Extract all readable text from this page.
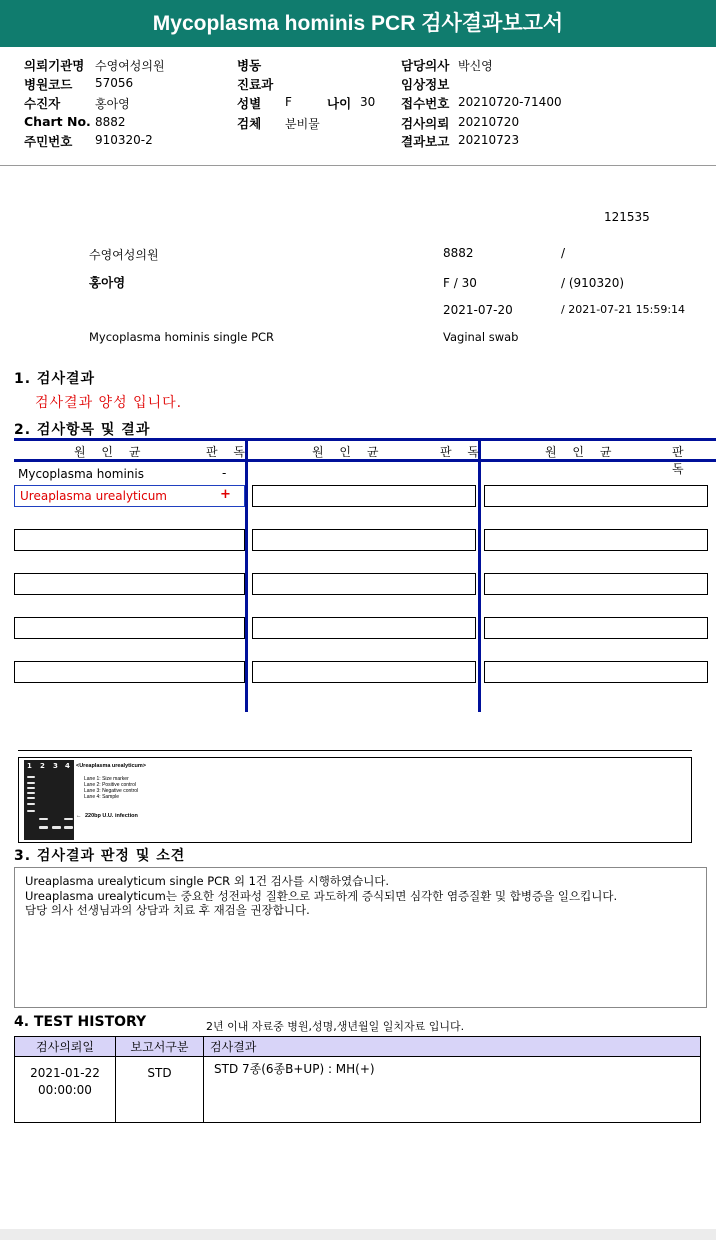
Mycoplasma hominis PCR 검사결과보고서
의뢰기관명 수영여성의원
병원코드 57056
수진자	홍아영
Chart No. 8882
주민번호 910320-2
병동
진료과
성별 F	나이 30
검체 분비물
담당의사 박신영
임상정보
접수번호 20210720-71400
검사의뢰 20210720
결과보고 20210723
121535
수영여성의원	8882	/
홍아영	F / 30	/ (910320)
2021-07-20	/ 2021-07-21 15:59:14
Mycoplasma hominis single PCR	Vaginal swab
1. 검사결과
검사결과 양성 입니다.
2. 검사항목 및 결과
원 인 균	판 독	원 인 균	판 독	원 인 균	판 독
Mycoplasma hominis	-
Ureaplasma urealyticum	+
1 2 3 4 <Ureaplasma urealyticum>
Lane 1: Size marker
Lane 2: Positive control
Lane 3: Negative control
Lane 4: Sample
← 220bp U.U. infection
3. 검사결과 판정 및 소견
Ureaplasma urealyticum single PCR 외 1건 검사를 시행하였습니다.
Ureaplasma urealyticum는 중요한 성전파성 질환으로 과도하게 증식되면 심각한 염증질환 및 합병증을 일으킵니다.
담당 의사 선생님과의 상담과 치료 후 재검을 권장합니다.
4. TEST HISTORY	2년 이내 자료중 병원,성명,생년월일 일치자료 입니다.
검사의뢰일	보고서구분	검사결과

2021-01-22
00:00:00	STD	STD 7종(6종B+UP) : MH(+)
